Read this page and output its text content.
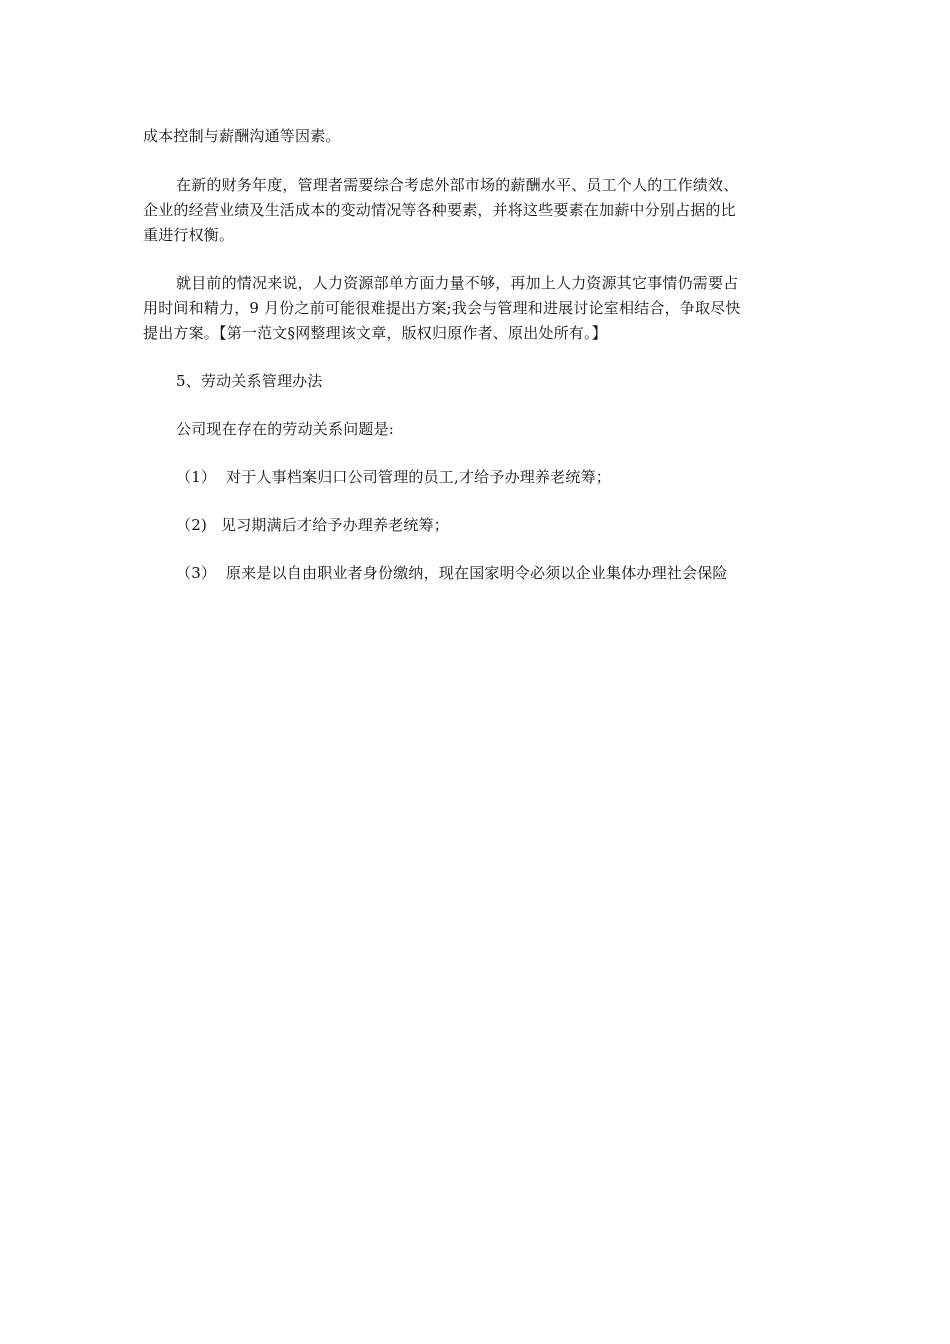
成本控制与薪酬沟通等因素。
在新的财务年度，管理者需要综合考虑外部市场的薪酬水平、员工个人的工作绩效、
企业的经营业绩及生活成本的变动情况等各种要素，并将这些要素在加薪中分别占据的比
重进行权衡。
就目前的情况来说，人力资源部单方面力量不够，再加上人力资源其它事情仍需要占
用时间和精力，9 月份之前可能很难提出方案;我会与管理和进展讨论室相结合，争取尽快
提出方案。【第一范文§网整理该文章，版权归原作者、原出处所有。】
5、劳动关系管理办法
公司现在存在的劳动关系问题是:
（1） 对于人事档案归口公司管理的员工,才给予办理养老统筹；
（2) 见习期满后才给予办理养老统筹；
（3） 原来是以自由职业者身份缴纳，现在国家明令必须以企业集体办理社会保险
